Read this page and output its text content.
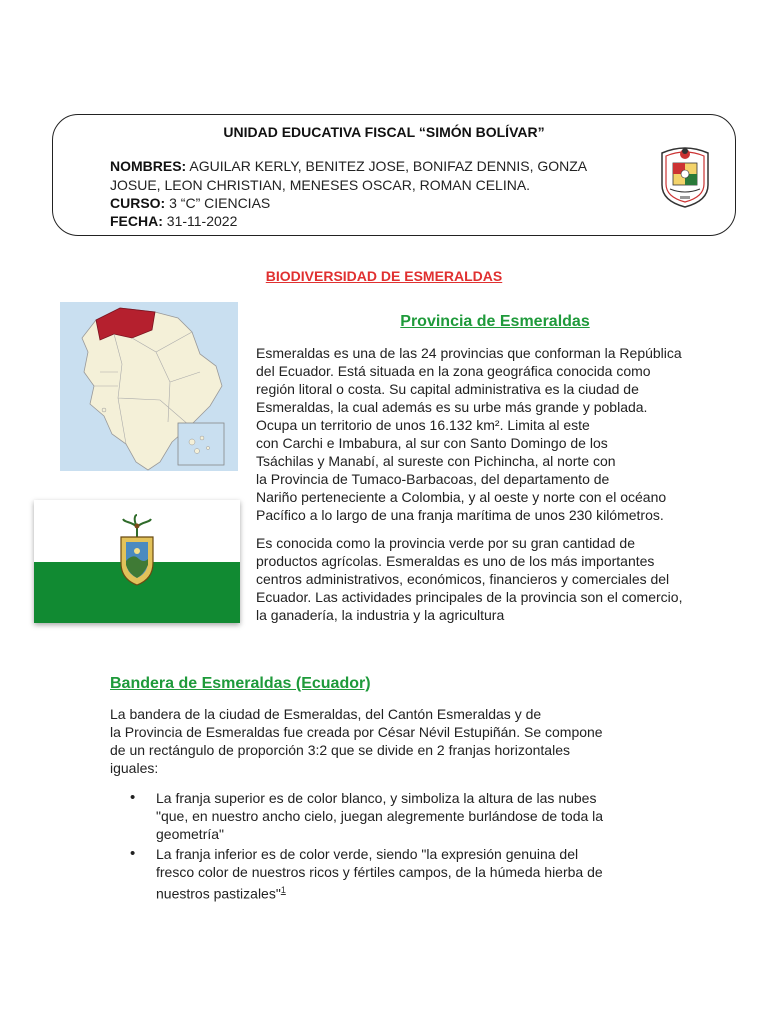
UNIDAD EDUCATIVA FISCAL “SIMÓN BOLÍVAR”
NOMBRES: AGUILAR KERLY, BENITEZ JOSE, BONIFAZ DENNIS, GONZA
JOSUE, LEON CHRISTIAN, MENESES OSCAR, ROMAN CELINA.
CURSO: 3 “C” CIENCIAS
FECHA: 31-11-2022
BIODIVERSIDAD DE ESMERALDAS
Provincia de Esmeraldas

Esmeraldas es una de las 24 provincias que conforman la República

del Ecuador. Está situada en la zona geográfica conocida como

región litoral o costa. Su capital administrativa es la ciudad de

Esmeraldas, la cual además es su urbe más grande y poblada.

Ocupa un territorio de unos 16.132 km². Limita al este

con Carchi e Imbabura, al sur con Santo Domingo de los

Tsáchilas y Manabí, al sureste con Pichincha, al norte con

la Provincia de Tumaco-Barbacoas, del departamento de

Nariño perteneciente a Colombia, y al oeste y norte con el océano

Pacífico a lo largo de una franja marítima de unos 230 kilómetros.

Es conocida como la provincia verde por su gran cantidad de

productos agrícolas. Esmeraldas es uno de los más importantes

centros administrativos, económicos, financieros y comerciales del

Ecuador. Las actividades principales de la provincia son el comercio,

la ganadería, la industria y la agricultura

Bandera de Esmeraldas (Ecuador)

La bandera de la ciudad de Esmeraldas, del Cantón Esmeraldas y de

la Provincia de Esmeraldas fue creada por César Névil Estupiñán. Se compone

de un rectángulo de proporción 3:2 que se divide en 2 franjas horizontales

iguales:

• La franja superior es de color blanco, y simboliza la altura de las nubes

"que, en nuestro ancho cielo, juegan alegremente burlándose de toda la

geometría"

• La franja inferior es de color verde, siendo "la expresión genuina del

fresco color de nuestros ricos y fértiles campos, de la húmeda hierba de

nuestros pastizales"$^1$
